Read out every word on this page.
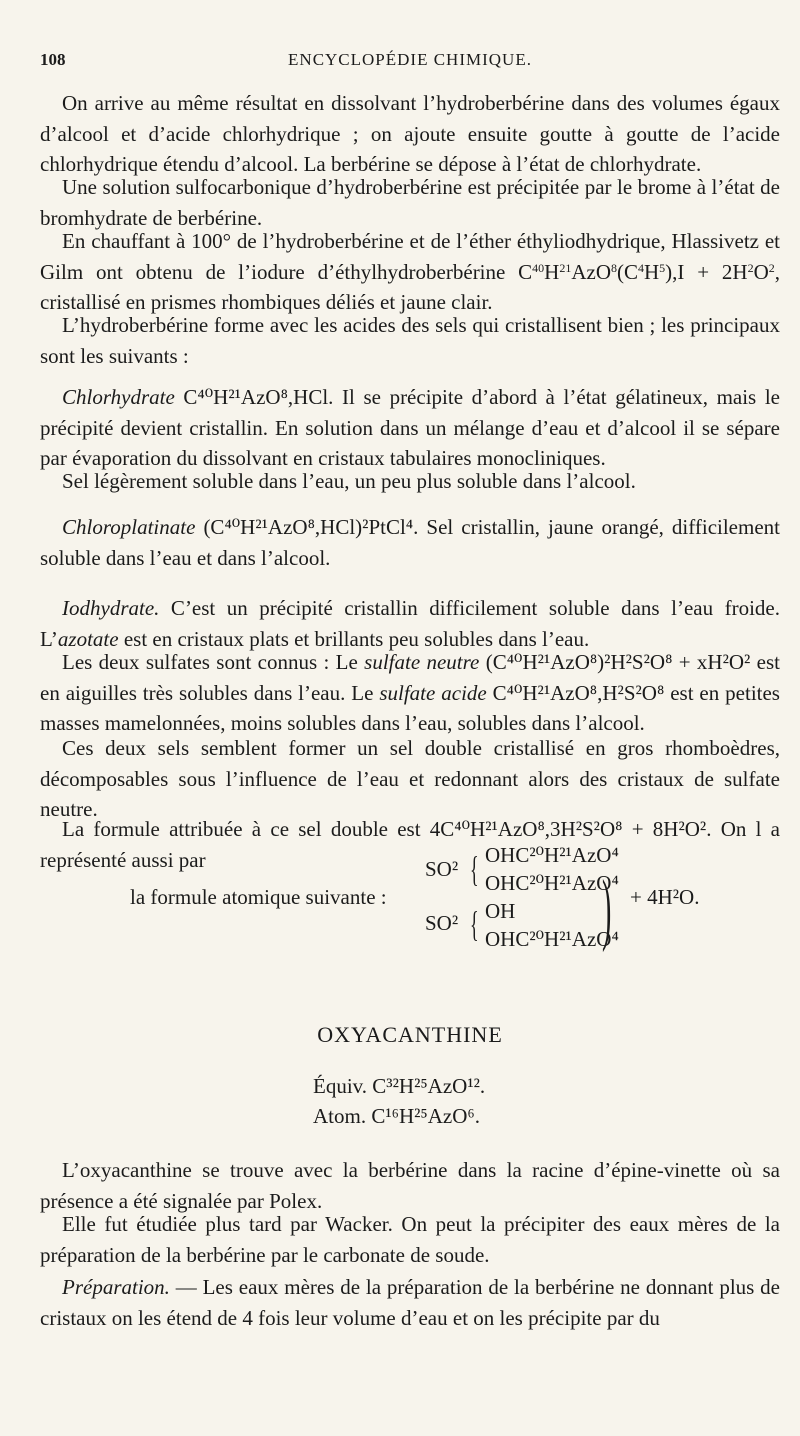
108	ENCYCLOPÉDIE CHIMIQUE.

On arrive au même résultat en dissolvant l’hydroberbérine dans des volumes égaux d’alcool et d’acide chlorhydrique ; on ajoute ensuite goutte à goutte de l’acide chlorhydrique étendu d’alcool. La berbérine se dépose à l’état de chlorhydrate.

Une solution sulfocarbonique d’hydroberbérine est précipitée par le brome à l’état de bromhydrate de berbérine.

En chauffant à 100° de l’hydroberbérine et de l’éther éthyliodhydrique, Hlassivetz et Gilm ont obtenu de l’iodure d’éthylhydroberbérine $C^{40}H^{21}AzO^8(C^4H^5),I + 2H^2O^2$, cristallisé en prismes rhombiques déliés et jaune clair.

L’hydroberbérine forme avec les acides des sels qui cristallisent bien ; les principaux sont les suivants :

Chlorhydrate C⁴⁰H²¹AzO⁸,HCl. Il se précipite d’abord à l’état gélatineux, mais le précipité devient cristallin. En solution dans un mélange d’eau et d’alcool il se sépare par évaporation du dissolvant en cristaux tabulaires monocliniques.

Sel légèrement soluble dans l’eau, un peu plus soluble dans l’alcool.

Chloroplatinate (C⁴⁰H²¹AzO⁸,HCl)²PtCl⁴. Sel cristallin, jaune orangé, difficilement soluble dans l’eau et dans l’alcool.

Iodhydrate. C’est un précipité cristallin difficilement soluble dans l’eau froide. L’azotate est en cristaux plats et brillants peu solubles dans l’eau.

Les deux sulfates sont connus : Le sulfate neutre (C⁴⁰H²¹AzO⁸)²H²S²O⁸ + xH²O² est en aiguilles très solubles dans l’eau. Le sulfate acide C⁴⁰H²¹AzO⁸,H²S²O⁸ est en petites masses mamelonnées, moins solubles dans l’eau, solubles dans l’alcool.

Ces deux sels semblent former un sel double cristallisé en gros rhomboèdres, décomposables sous l’influence de l’eau et redonnant alors des cristaux de sulfate neutre.

La formule attribuée à ce sel double est 4C⁴⁰H²¹AzO⁸,3H²S²O⁸ + 8H²O². On l a représenté aussi par

la formule atomique suivante :
SO²
SO²
{
{
OHC²⁰H²¹AzO⁴
OHC²⁰H²¹AzO⁴
OH
OHC²⁰H²¹AzO⁴
) + 4H²O.

OXYACANTHINE

Équiv. C³²H²⁵AzO¹².

Atom. C¹⁶H²⁵AzO⁶.

L’oxyacanthine se trouve avec la berbérine dans la racine d’épine-vinette où sa présence a été signalée par Polex.

Elle fut étudiée plus tard par Wacker. On peut la précipiter des eaux mères de la préparation de la berbérine par le carbonate de soude.

Préparation. — Les eaux mères de la préparation de la berbérine ne donnant plus de cristaux on les étend de 4 fois leur volume d’eau et on les précipite par du
